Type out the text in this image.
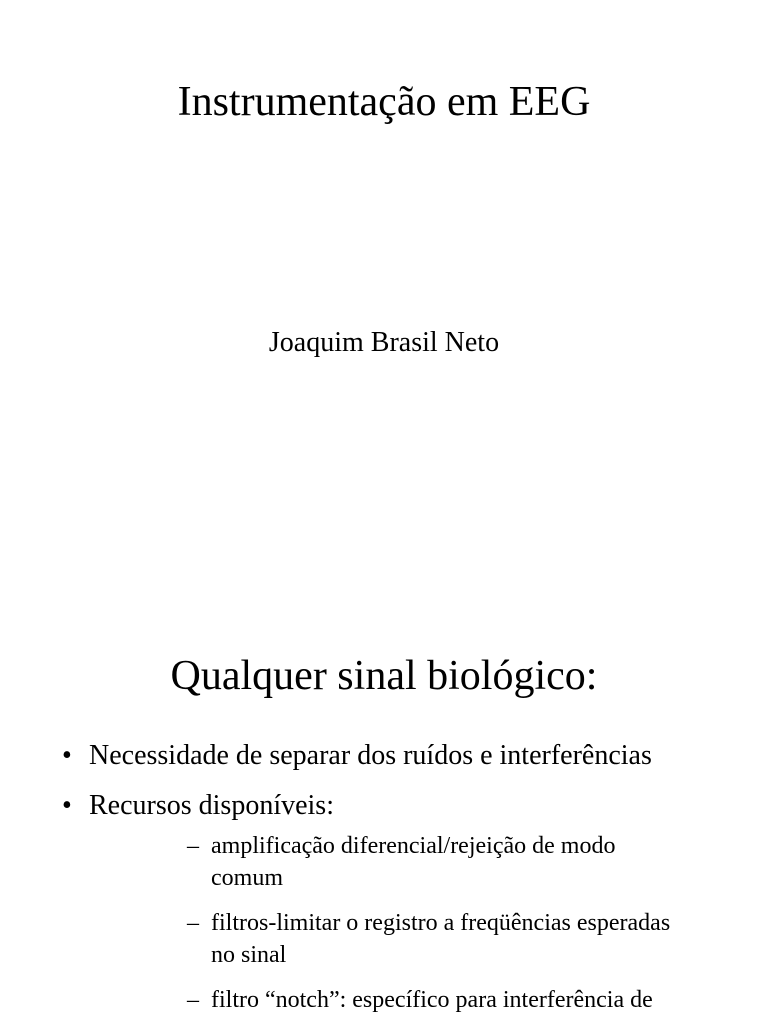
Instrumentação em EEG

Joaquim Brasil Neto

Qualquer sinal biológico:
• Necessidade de separar dos ruídos e interferências
• Recursos disponíveis:
– amplificação diferencial/rejeição de modo comum
– filtros-limitar o registro a freqüências esperadas no sinal
– filtro “notch”: específico para interferência de
